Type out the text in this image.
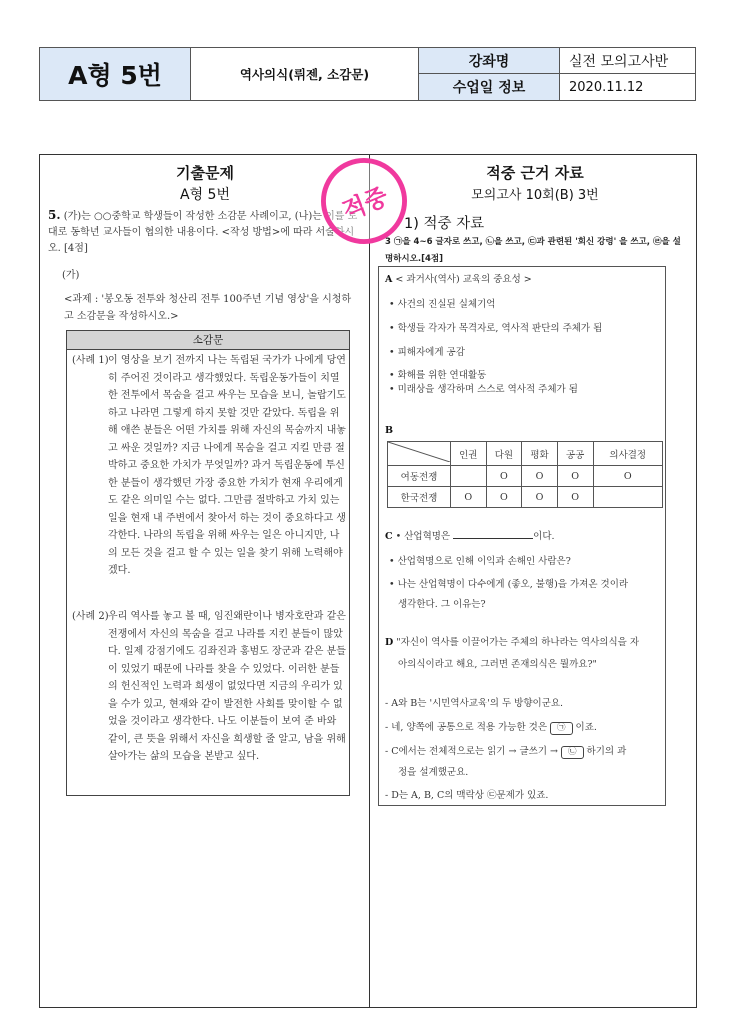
A형 5번	역사의식(뤼젠, 소감문)
강좌명	실전 모의고사반
수업일 정보	2020.11.12
기출문제
A형 5번
적중 근거 자료
모의고사 10회(B) 3번
5. (가)는 ○○중학교 학생들이 작성한 소감문 사례이고, (나)는 이를 토대로 동학년 교사들이 협의한 내용이다. <작성 방법>에 따라 서술하시오. [4점]
(가)
<과제 : '봉오동 전투와 청산리 전투 100주년 기념 영상'을 시청하고 소감문을 작성하시오.>
소감문
(사례 1) 이 영상을 보기 전까지 나는 독립된 국가가 나에게 당연히 주어진 것이라고 생각했었다. 독립운동가들이 치열한 전투에서 목숨을 걸고 싸우는 모습을 보니, 놀랍기도 하고 나라면 그렇게 하지 못할 것만 같았다. 독립을 위해 애쓴 분들은 어떤 가치를 위해 자신의 목숨까지 내놓고 싸운 것일까? 지금 나에게 목숨을 걸고 지킬 만큼 절박하고 중요한 가치가 무엇일까? 과거 독립운동에 투신한 분들이 생각했던 가장 중요한 가치가 현재 우리에게도 같은 의미일 수는 없다. 그만큼 절박하고 가치 있는 일을 현재 내 주변에서 찾아서 하는 것이 중요하다고 생각한다. 나라의 독립을 위해 싸우는 일은 아니지만, 나의 모든 것을 걸고 할 수 있는 일을 찾기 위해 노력해야겠다.
(사례 2) 우리 역사를 놓고 볼 때, 임진왜란이나 병자호란과 같은 전쟁에서 자신의 목숨을 걸고 나라를 지킨 분들이 많았다. 일제 강점기에도 김좌진과 홍범도 장군과 같은 분들이 있었기 때문에 나라를 찾을 수 있었다. 이러한 분들의 헌신적인 노력과 희생이 없었다면 지금의 우리가 있을 수가 있고, 현재와 같이 발전한 사회를 맞이할 수 없었을 것이라고 생각한다. 나도 이분들이 보여 준 바와 같이, 큰 뜻을 위해서 자신을 희생할 줄 알고, 남을 위해 살아가는 삶의 모습을 본받고 싶다.
적중 1) 적중 자료
3 ㉠을 4~6 글자로 쓰고, ㉡을 쓰고, ㉢과 관련된 '회신 강령' 을 쓰고, ㉣을 설명하시오.[4점]
A < 과거사(역사) 교육의 중요성 >
• 사건의 진실된 실체기억
• 학생들 각자가 목격자로, 역사적 판단의 주체가 됨
• 피해자에게 공감
• 화해를 위한 연대활동
• 미래상을 생각하며 스스로 역사적 주체가 됨
B
	인권	다원	평화	공공	의사결정
여동전쟁		O	O	O	O
한국전쟁	O	O	O	O	
C • 산업혁명은	이다.
• 산업혁명으로 인해 이익과 손해인 사람은?
• 나는 산업혁명이 다수에게 (좋오, 불행)을 가져온 것이라
생각한다. 그 이유는?
D "자신이 역사를 이끌어가는 주체의 하나라는 역사의식을 자
아의식이라고 해요, 그러면 존재의식은 뭘까요?"
- A와 B는 '시민역사교육'의 두 방향이군요.
- 네, 양쪽에 공통으로 적용 가능한 것은 ㉠ 이죠.
- C에서는 전체적으로는 읽기 → 글쓰기 → ㉡ 하기의 과
정을 설계했군요.
- D는 A, B, C의 맥락상 ㉢문제가 있죠.
